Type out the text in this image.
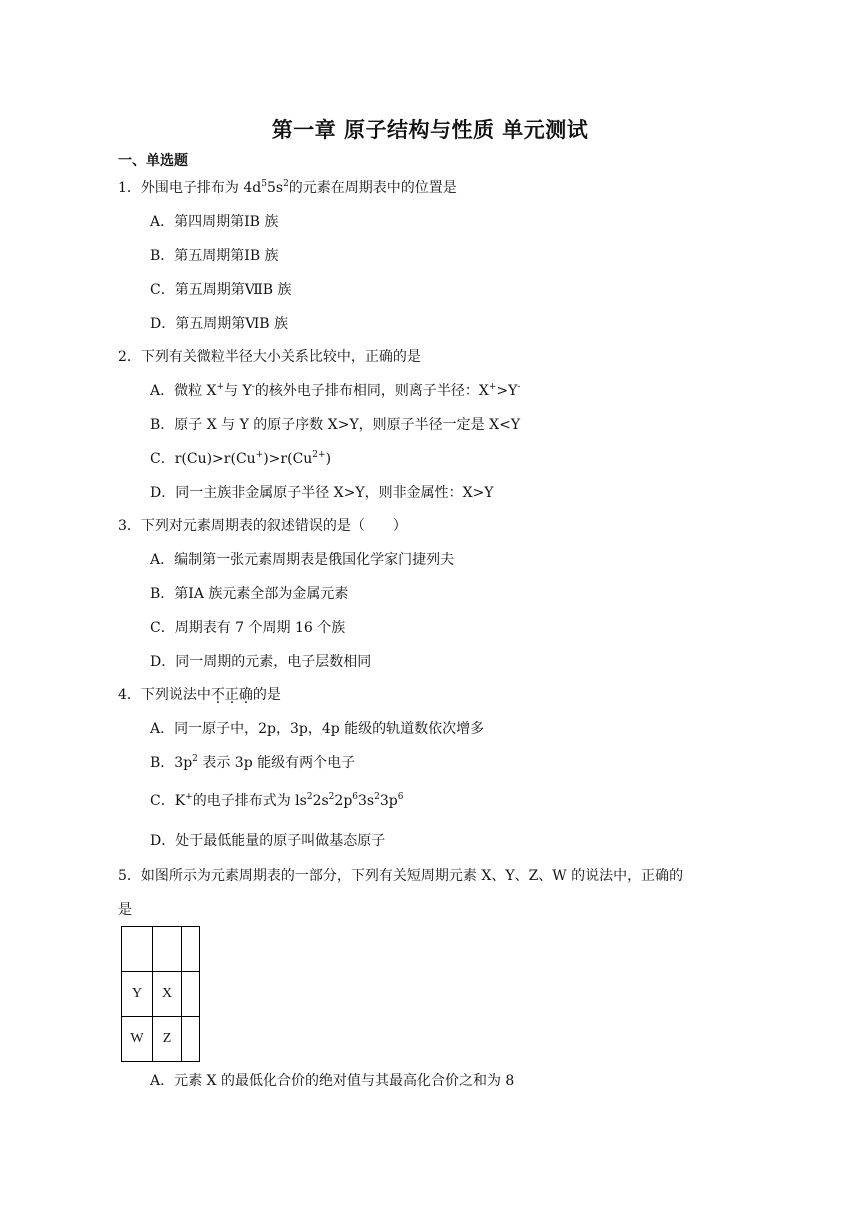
第一章 原子结构与性质 单元测试
一、单选题
1．外围电子排布为 $4d^55s^2$的元素在周期表中的位置是
A．第四周期第ⅠB 族
B．第五周期第ⅠB 族
C．第五周期第ⅦB 族
D．第五周期第ⅥB 族
2．下列有关微粒半径大小关系比较中，正确的是
A．微粒 X+与 Y-的核外电子排布相同，则离子半径：X+>Y-
B．原子 X 与 Y 的原子序数 X>Y，则原子半径一定是 X<Y
C．$r(Cu)>r(Cu^+)>r(Cu^{2+})$
D．同一主族非金属原子半径 X>Y，则非金属性：X>Y
3．下列对元素周期表的叙述错误的是（　　）
A．编制第一张元素周期表是俄国化学家门捷列夫
B．第ⅠA 族元素全部为金属元素
C．周期表有 7 个周期 16 个族
D．同一周期的元素，电子层数相同
4．下列说法中不正确的是
A．同一原子中，2p，3p，4p 能级的轨道数依次增多
B．$3p^2$ 表示 3p 能级有两个电子
C．K+的电子排布式为 $ls^22s^22p^63s^23p^6$
D．处于最低能量的原子叫做基态原子
5．如图所示为元素周期表的一部分，下列有关短周期元素 X、Y、Z、W 的说法中，正确的
是

Y	X	
W	Z	
A．元素 X 的最低化合价的绝对值与其最高化合价之和为 8
